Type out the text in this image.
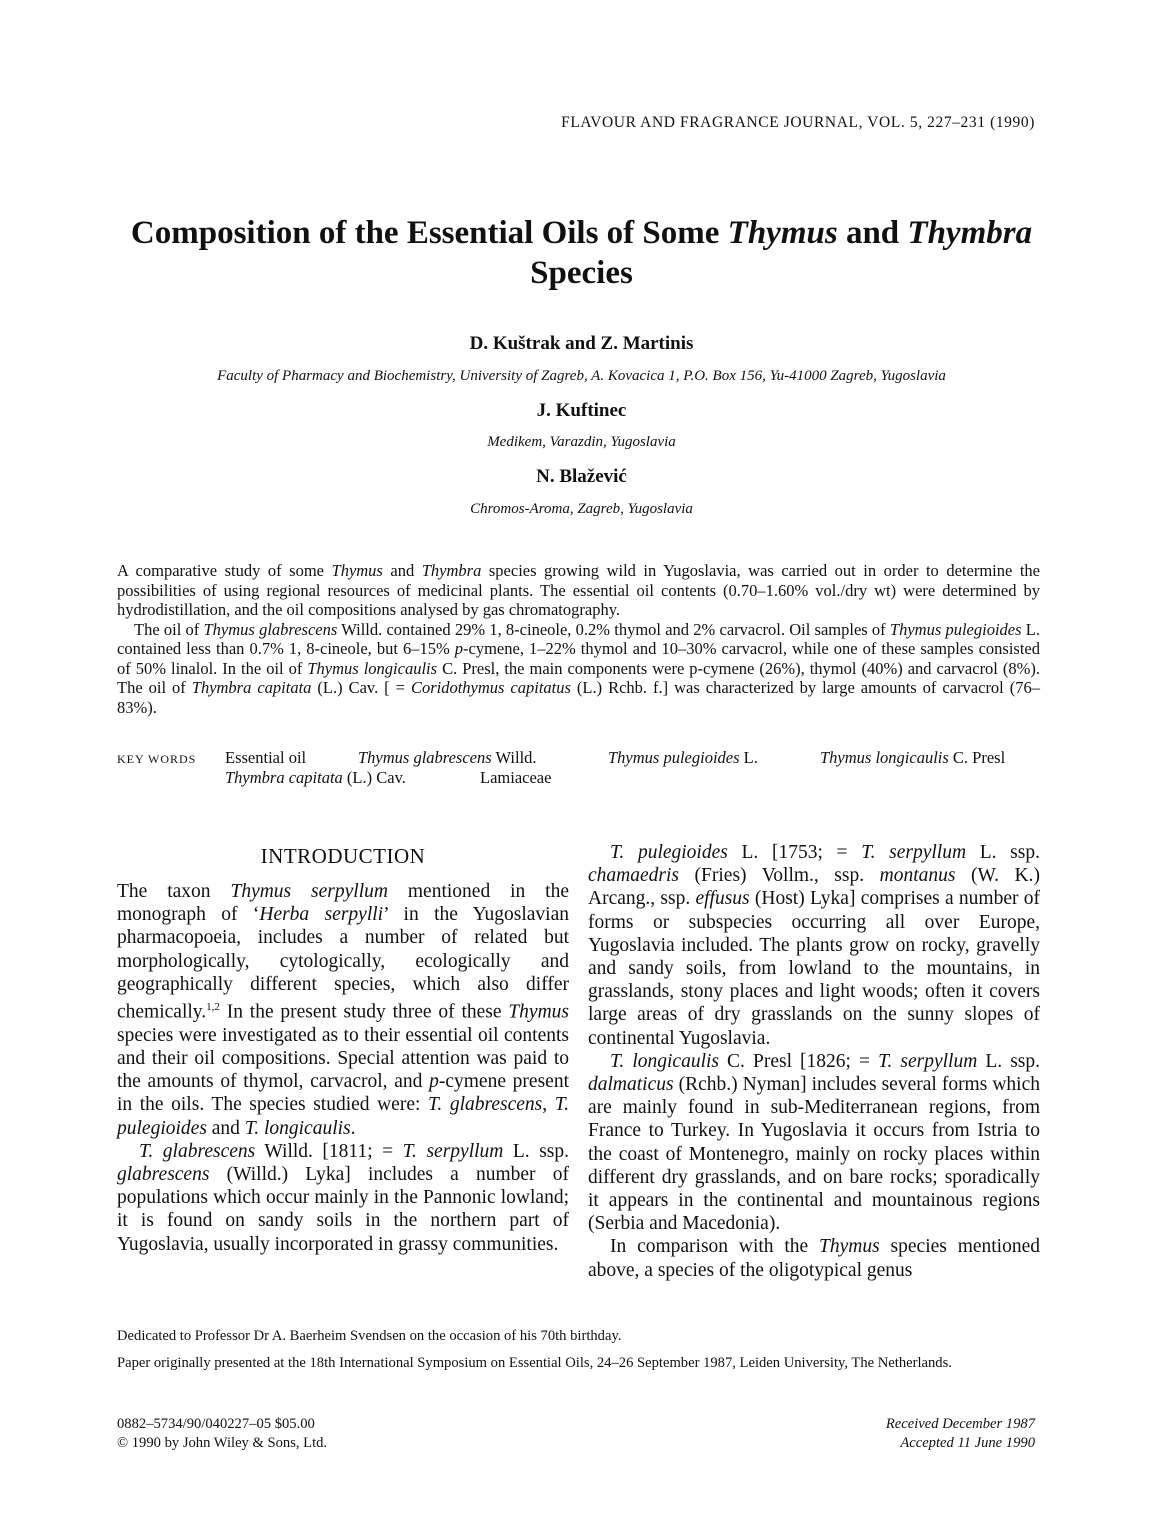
FLAVOUR AND FRAGRANCE JOURNAL, VOL. 5, 227–231 (1990)
Composition of the Essential Oils of Some Thymus and Thymbra
Species
D. Kuštrak and Z. Martinis
Faculty of Pharmacy and Biochemistry, University of Zagreb, A. Kovacica 1, P.O. Box 156, Yu-41000 Zagreb, Yugoslavia
J. Kuftinec
Medikem, Varazdin, Yugoslavia
N. Blažević
Chromos-Aroma, Zagreb, Yugoslavia

A comparative study of some Thymus and Thymbra species growing wild in Yugoslavia, was carried out in order to determine the possibilities of using regional resources of medicinal plants. The essential oil contents (0.70–1.60% vol./dry wt) were determined by hydrodistillation, and the oil compositions analysed by gas chromatography.

The oil of Thymus glabrescens Willd. contained 29% 1, 8-cineole, 0.2% thymol and 2% carvacrol. Oil samples of Thymus pulegioides L. contained less than 0.7% 1, 8-cineole, but 6–15% p-cymene, 1–22% thymol and 10–30% carvacrol, while one of these samples consisted of 50% linalol. In the oil of Thymus longicaulis C. Presl, the main components were p-cymene (26%), thymol (40%) and carvacrol (8%). The oil of Thymbra capitata (L.) Cav. [ = Coridothymus capitatus (L.) Rchb. f.] was characterized by large amounts of carvacrol (76–83%).

KEY WORDS Essential oil	Thymus glabrescens Willd.	Thymus pulegioides L.	Thymus longicaulis C. Presl
Thymbra capitata (L.) Cav.	Lamiaceae
INTRODUCTION

The taxon Thymus serpyllum mentioned in the monograph of ‘Herba serpylli’ in the Yugoslavian pharmacopoeia, includes a number of related but morphologically, cytologically, ecologically and geographically different species, which also differ chemically.$^{1,2}$ In the present study three of these Thymus species were investigated as to their essential oil contents and their oil compositions. Special attention was paid to the amounts of thymol, carvacrol, and p-cymene present in the oils. The species studied were: T. glabrescens, T. pulegioides and T. longicaulis.

T. glabrescens Willd. [1811; = T. serpyllum L. ssp. glabrescens (Willd.) Lyka] includes a number of populations which occur mainly in the Pannonic lowland; it is found on sandy soils in the northern part of Yugoslavia, usually incorporated in grassy communities.

T. pulegioides L. [1753; = T. serpyllum L. ssp. chamaedris (Fries) Vollm., ssp. montanus (W. K.) Arcang., ssp. effusus (Host) Lyka] comprises a number of forms or subspecies occurring all over Europe, Yugoslavia included. The plants grow on rocky, gravelly and sandy soils, from lowland to the mountains, in grasslands, stony places and light woods; often it covers large areas of dry grasslands on the sunny slopes of continental Yugoslavia.

T. longicaulis C. Presl [1826; = T. serpyllum L. ssp. dalmaticus (Rchb.) Nyman] includes several forms which are mainly found in sub-Mediterranean regions, from France to Turkey. In Yugoslavia it occurs from Istria to the coast of Montenegro, mainly on rocky places within different dry grasslands, and on bare rocks; sporadically it appears in the continental and mountainous regions (Serbia and Macedonia).

In comparison with the Thymus species mentioned above, a species of the oligotypical genus

Dedicated to Professor Dr A. Baerheim Svendsen on the occasion of his 70th birthday.
Paper originally presented at the 18th International Symposium on Essential Oils, 24–26 September 1987, Leiden University, The Netherlands.
0882–5734/90/040227–05 $05.00
© 1990 by John Wiley & Sons, Ltd.
Received December 1987
Accepted 11 June 1990
